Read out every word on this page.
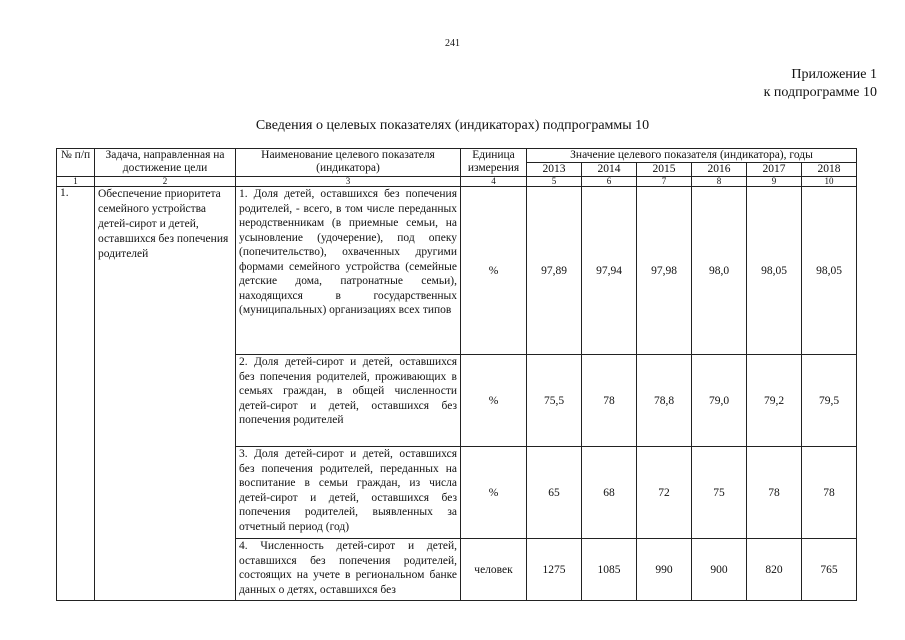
241
Приложение 1
к подпрограмме 10
Сведения о целевых показателях (индикаторах) подпрограммы 10
№ п/п	Задача, направленная на достижение цели	Наименование целевого показателя (индикатора)	Единица измерения	Значение целевого показателя (индикатора), годы					
				2013	2014	2015	2016	2017	2018
1	2	3	4	5	6	7	8	9	10
1.	Обеспечение приоритета семейного устройства детей-сирот и детей, оставшихся без попечения родителей	1. Доля детей, оставшихся без попечения родителей, - всего, в том числе переданных неродственникам (в приемные семьи, на усыновление (удочерение), под опеку (попечительство), охваченных другими формами семейного устройства (семейные детские дома, патронатные семьи), находящихся в государственных (муниципальных) организациях всех типов	%	97,89	97,94	97,98	98,0	98,05	98,05
		2. Доля детей-сирот и детей, оставшихся без попечения родителей, проживающих в семьях граждан, в общей численности детей-сирот и детей, оставшихся без попечения родителей	%	75,5	78	78,8	79,0	79,2	79,5
		3. Доля детей-сирот и детей, оставшихся без попечения родителей, переданных на воспитание в семьи граждан, из числа детей-сирот и детей, оставшихся без попечения родителей, выявленных за отчетный период (год)	%	65	68	72	75	78	78
		4. Численность детей-сирот и детей, оставшихся без попечения родителей, состоящих на учете в региональном банке данных о детях, оставшихся без	человек	1275	1085	990	900	820	765
